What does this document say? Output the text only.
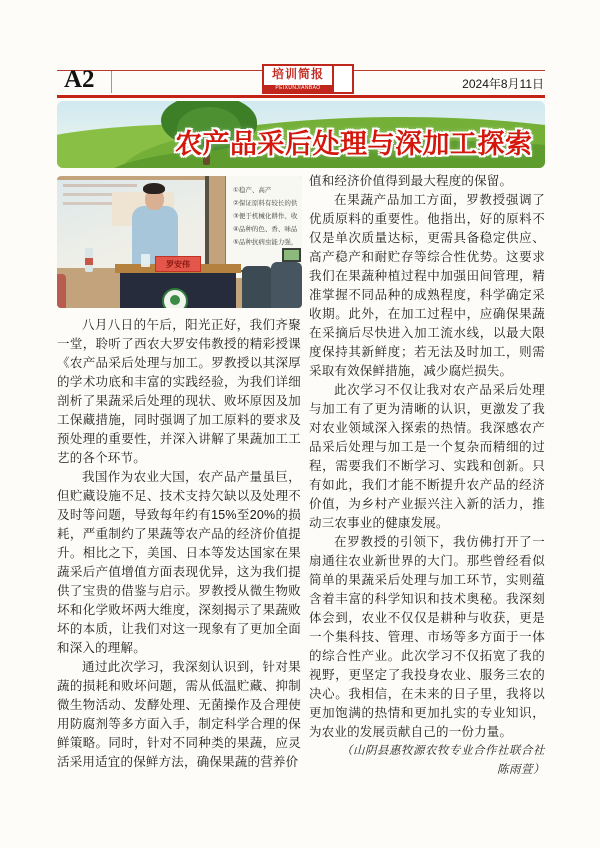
A2	培训简报
PEIXUNJIANBAO	2024年8月11日
农产品采后处理与深加工探索
①稳产、高产
②保证原料有较长的供
③便于机械化耕作、收
④品种的色、香、味品
⑤品种抗病虫能力强，
罗安伟

八月八日的午后，阳光正好，我们齐聚一堂，聆听了西农大罗安伟教授的精彩授课《农产品采后处理与加工。罗教授以其深厚的学术功底和丰富的实践经验，为我们详细剖析了果蔬采后处理的现状、败坏原因及加工保藏措施，同时强调了加工原料的要求及预处理的重要性，并深入讲解了果蔬加工工艺的各个环节。

我国作为农业大国，农产品产量虽巨，但贮藏设施不足、技术支持欠缺以及处理不及时等问题，导致每年约有15%至20%的损耗，严重制约了果蔬等农产品的经济价值提升。相比之下，美国、日本等发达国家在果蔬采后产值增值方面表现优异，这为我们提供了宝贵的借鉴与启示。罗教授从微生物败坏和化学败坏两大维度，深刻揭示了果蔬败坏的本质，让我们对这一现象有了更加全面和深入的理解。

通过此次学习，我深刻认识到，针对果蔬的损耗和败坏问题，需从低温贮藏、抑制微生物活动、发酵处理、无菌操作及合理使用防腐剂等多方面入手，制定科学合理的保鲜策略。同时，针对不同种类的果蔬，应灵活采用适宜的保鲜方法，确保果蔬的营养价

值和经济价值得到最大程度的保留。

在果蔬产品加工方面，罗教授强调了优质原料的重要性。他指出，好的原料不仅是单次质量达标，更需具备稳定供应、高产稳产和耐贮存等综合性优势。这要求我们在果蔬种植过程中加强田间管理，精准掌握不同品种的成熟程度，科学确定采收期。此外，在加工过程中，应确保果蔬在采摘后尽快进入加工流水线，以最大限度保持其新鲜度；若无法及时加工，则需采取有效保鲜措施，减少腐烂损失。

此次学习不仅让我对农产品采后处理与加工有了更为清晰的认识，更激发了我对农业领域深入探索的热情。我深感农产品采后处理与加工是一个复杂而精细的过程，需要我们不断学习、实践和创新。只有如此，我们才能不断提升农产品的经济价值，为乡村产业振兴注入新的活力，推动三农事业的健康发展。

在罗教授的引领下，我仿佛打开了一扇通往农业新世界的大门。那些曾经看似简单的果蔬采后处理与加工环节，实则蕴含着丰富的科学知识和技术奥秘。我深刻体会到，农业不仅仅是耕种与收获，更是一个集科技、管理、市场等多方面于一体的综合性产业。此次学习不仅拓宽了我的视野，更坚定了我投身农业、服务三农的决心。我相信，在未来的日子里，我将以更加饱满的热情和更加扎实的专业知识，为农业的发展贡献自己的一份力量。

（山阴县惠牧源农牧专业合作社联合社 陈雨萱）
